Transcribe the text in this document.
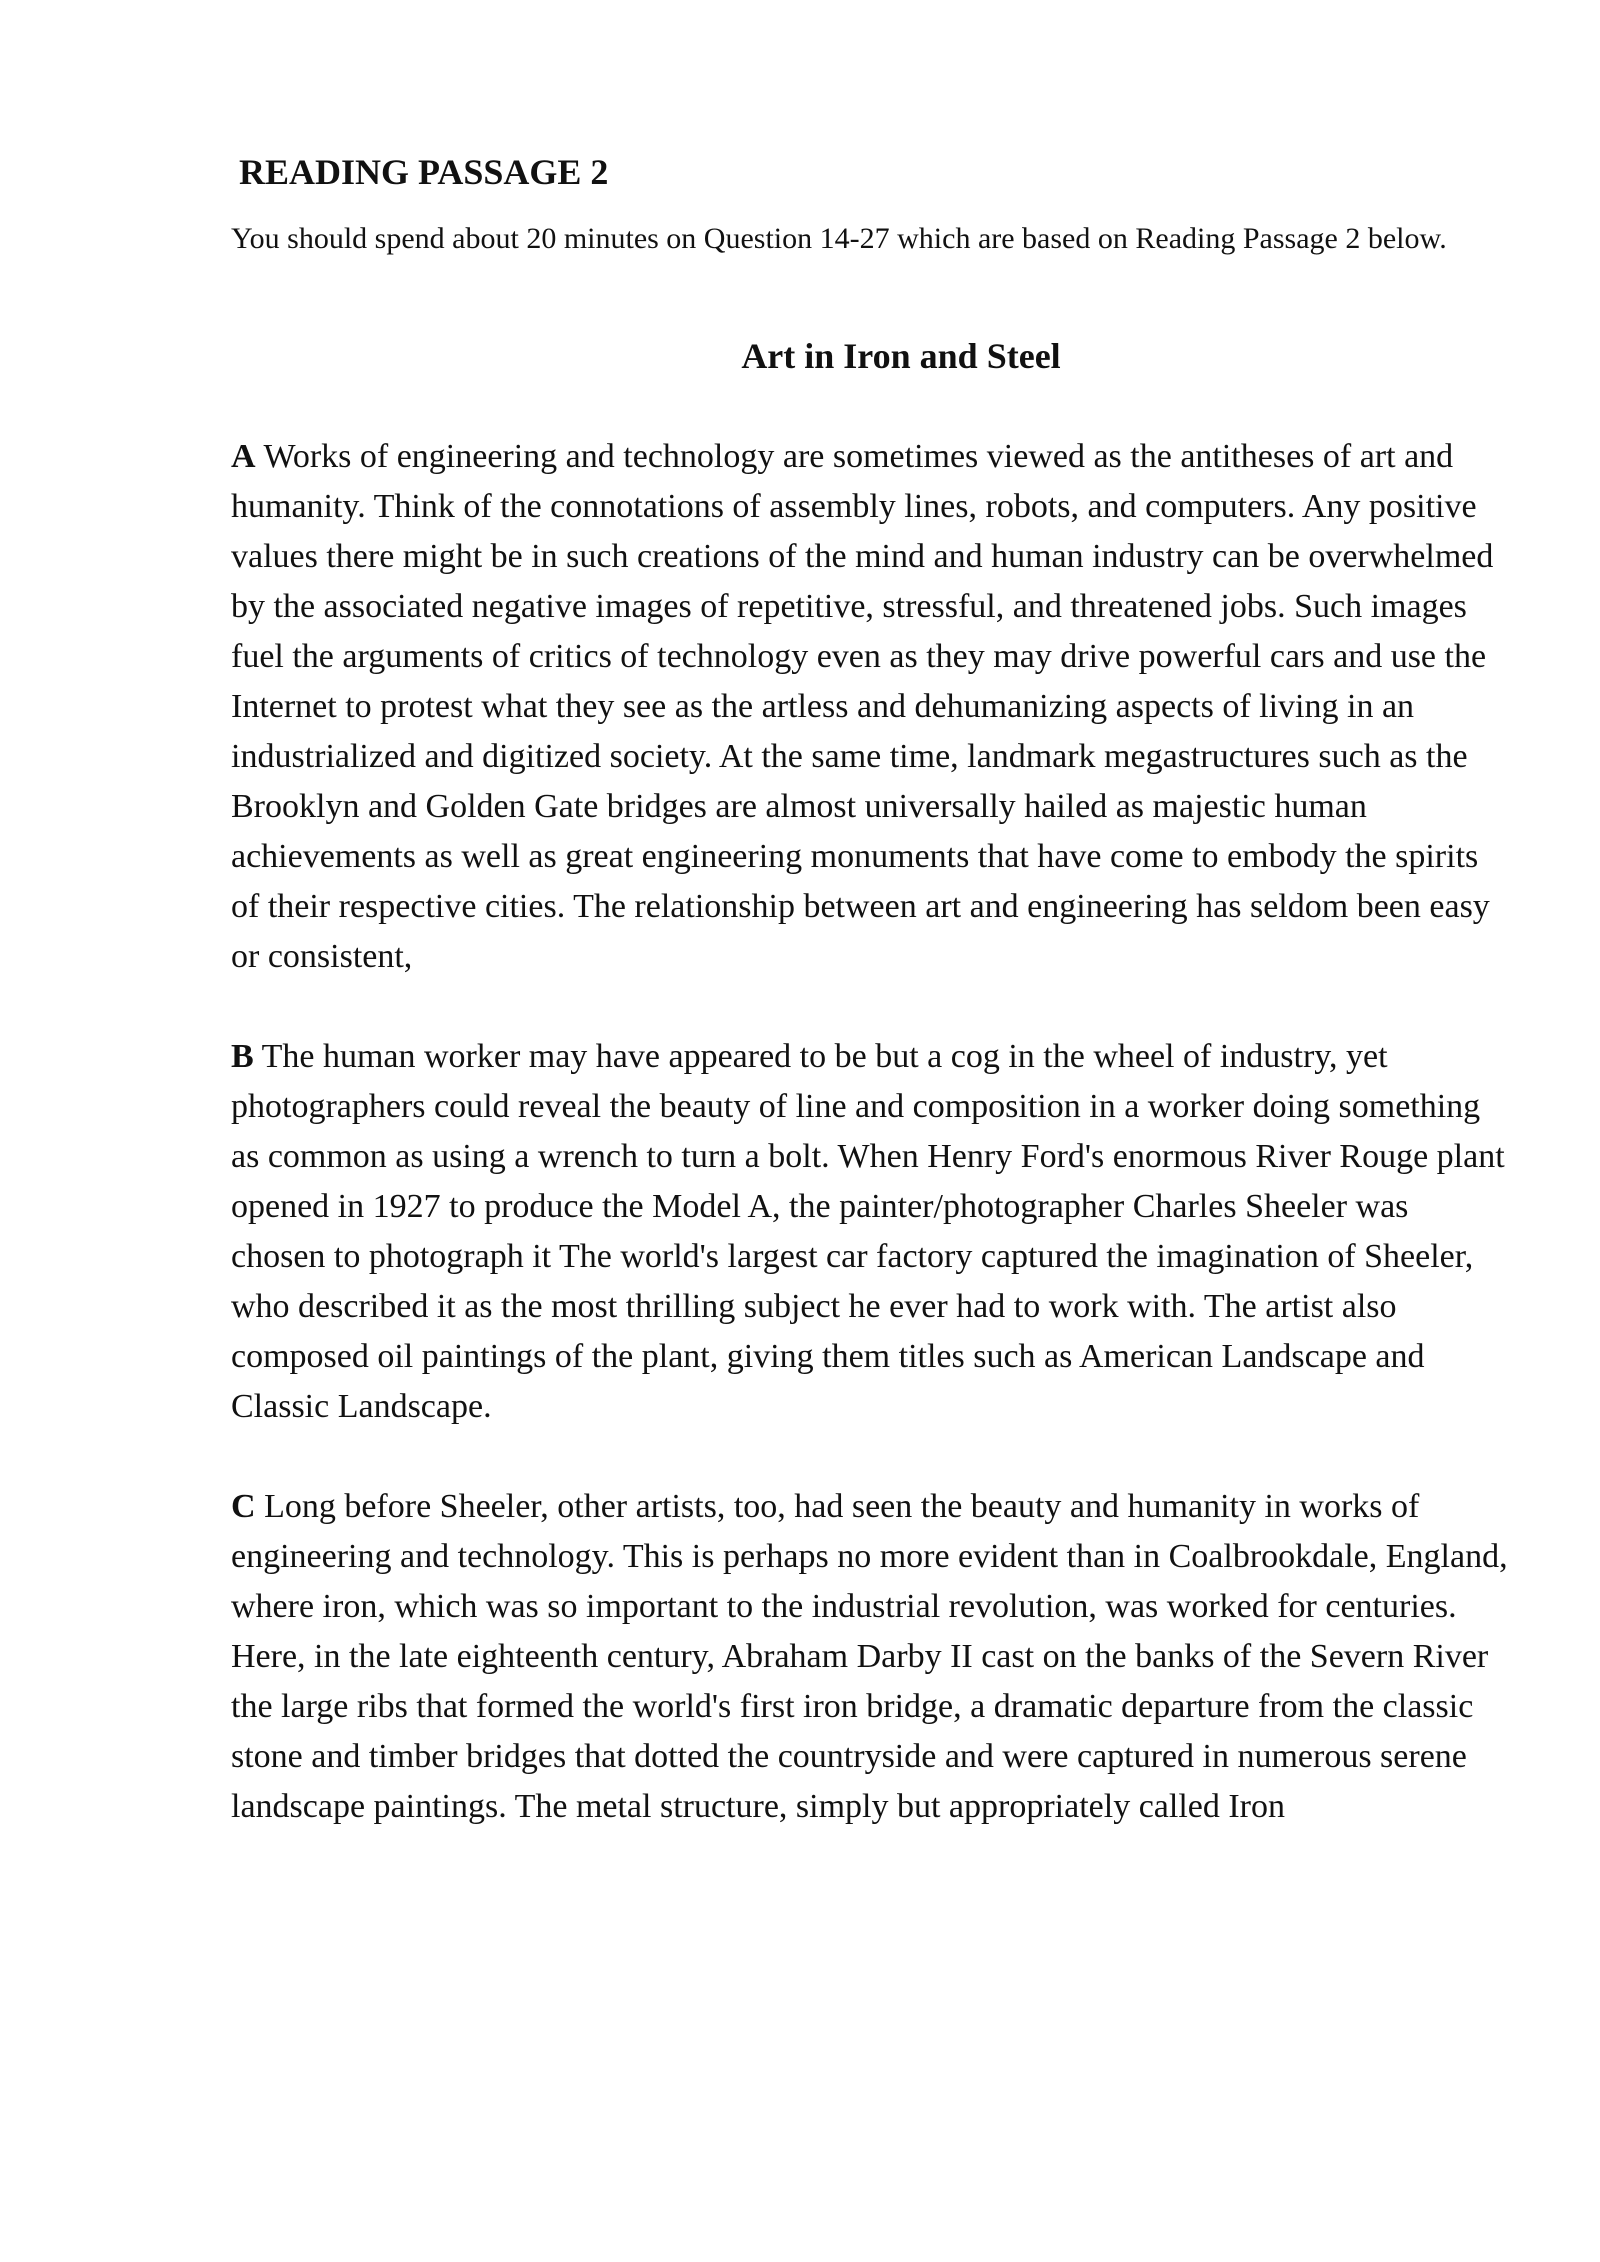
READING PASSAGE 2
You should spend about 20 minutes on Question 14-27 which are based on Reading Passage 2 below.
Art in Iron and Steel

A Works of engineering and technology are sometimes viewed as the antitheses of art and humanity. Think of the connotations of assembly lines, robots, and computers. Any positive values there might be in such creations of the mind and human industry can be overwhelmed by the associated negative images of repetitive, stressful, and threatened jobs. Such images fuel the arguments of critics of technology even as they may drive powerful cars and use the Internet to protest what they see as the artless and dehumanizing aspects of living in an industrialized and digitized society. At the same time, landmark megastructures such as the Brooklyn and Golden Gate bridges are almost universally hailed as majestic human achievements as well as great engineering monuments that have come to embody the spirits of their respective cities. The relationship between art and engineering has seldom been easy or consistent,

B The human worker may have appeared to be but a cog in the wheel of industry, yet photographers could reveal the beauty of line and composition in a worker doing something as common as using a wrench to turn a bolt. When Henry Ford's enormous River Rouge plant opened in 1927 to produce the Model A, the painter/photographer Charles Sheeler was chosen to photograph it The world's largest car factory captured the imagination of Sheeler, who described it as the most thrilling subject he ever had to work with. The artist also composed oil paintings of the plant, giving them titles such as American Landscape and Classic Landscape.

C Long before Sheeler, other artists, too, had seen the beauty and humanity in works of engineering and technology. This is perhaps no more evident than in Coalbrookdale, England, where iron, which was so important to the industrial revolution, was worked for centuries. Here, in the late eighteenth century, Abraham Darby II cast on the banks of the Severn River the large ribs that formed the world's first iron bridge, a dramatic departure from the classic stone and timber bridges that dotted the countryside and were captured in numerous serene landscape paintings. The metal structure, simply but appropriately called Iron
